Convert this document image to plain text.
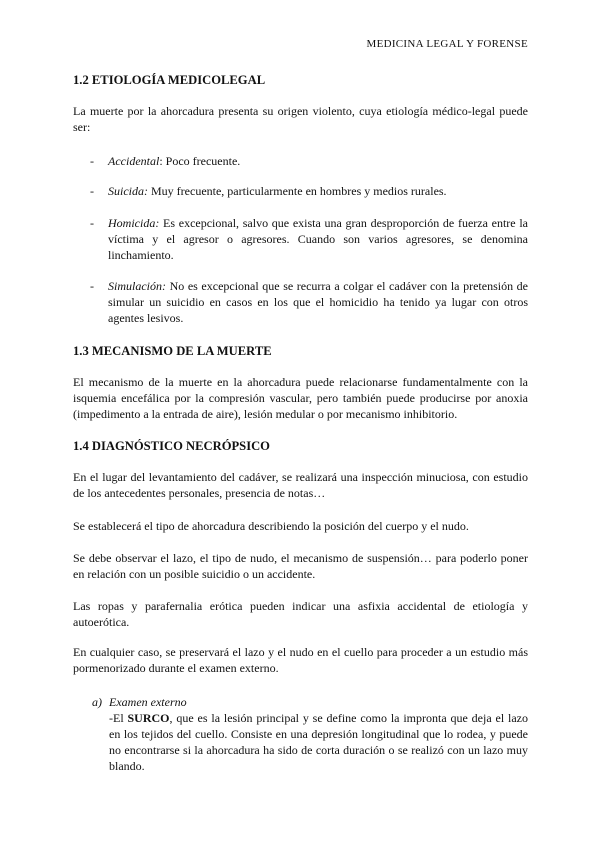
MEDICINA LEGAL Y FORENSE
1.2 ETIOLOGÍA MEDICOLEGAL

La muerte por la ahorcadura presenta su origen violento, cuya etiología médico-legal puede ser:

- Accidental: Poco frecuente.
- Suicida: Muy frecuente, particularmente en hombres y medios rurales.
- Homicida: Es excepcional, salvo que exista una gran desproporción de fuerza entre la víctima y el agresor o agresores. Cuando son varios agresores, se denomina linchamiento.
- Simulación: No es excepcional que se recurra a colgar el cadáver con la pretensión de simular un suicidio en casos en los que el homicidio ha tenido ya lugar con otros agentes lesivos.
1.3 MECANISMO DE LA MUERTE

El mecanismo de la muerte en la ahorcadura puede relacionarse fundamentalmente con la isquemia encefálica por la compresión vascular, pero también puede producirse por anoxia (impedimento a la entrada de aire), lesión medular o por mecanismo inhibitorio.

1.4 DIAGNÓSTICO NECRÓPSICO

En el lugar del levantamiento del cadáver, se realizará una inspección minuciosa, con estudio de los antecedentes personales, presencia de notas…

Se establecerá el tipo de ahorcadura describiendo la posición del cuerpo y el nudo.

Se debe observar el lazo, el tipo de nudo, el mecanismo de suspensión… para poderlo poner en relación con un posible suicidio o un accidente.

Las ropas y parafernalia erótica pueden indicar una asfixia accidental de etiología y autoerótica.

En cualquier caso, se preservará el lazo y el nudo en el cuello para proceder a un estudio más pormenorizado durante el examen externo.

a) Examen externo
-El SURCO, que es la lesión principal y se define como la impronta que deja el lazo en los tejidos del cuello. Consiste en una depresión longitudinal que lo rodea, y puede no encontrarse si la ahorcadura ha sido de corta duración o se realizó con un lazo muy blando.
